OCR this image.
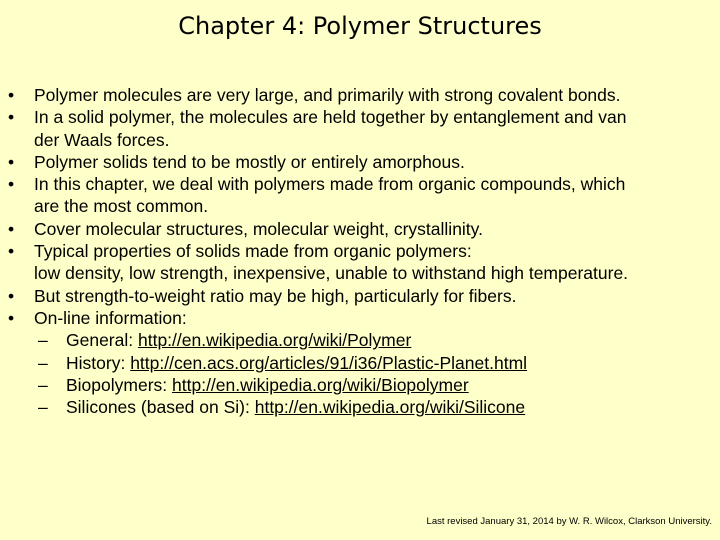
Chapter 4: Polymer Structures
• Polymer molecules are very large, and primarily with strong covalent bonds.
• In a solid polymer, the molecules are held together by entanglement and van
der Waals forces.
• Polymer solids tend to be mostly or entirely amorphous.
• In this chapter, we deal with polymers made from organic compounds, which
are the most common.
• Cover molecular structures, molecular weight, crystallinity.
• Typical properties of solids made from organic polymers:
low density, low strength, inexpensive, unable to withstand high temperature.
• But strength-to-weight ratio may be high, particularly for fibers.
• On-line information:
– General: http://en.wikipedia.org/wiki/Polymer
– History: http://cen.acs.org/articles/91/i36/Plastic-Planet.html
– Biopolymers: http://en.wikipedia.org/wiki/Biopolymer
– Silicones (based on Si): http://en.wikipedia.org/wiki/Silicone
Last revised January 31, 2014 by W. R. Wilcox, Clarkson University.
